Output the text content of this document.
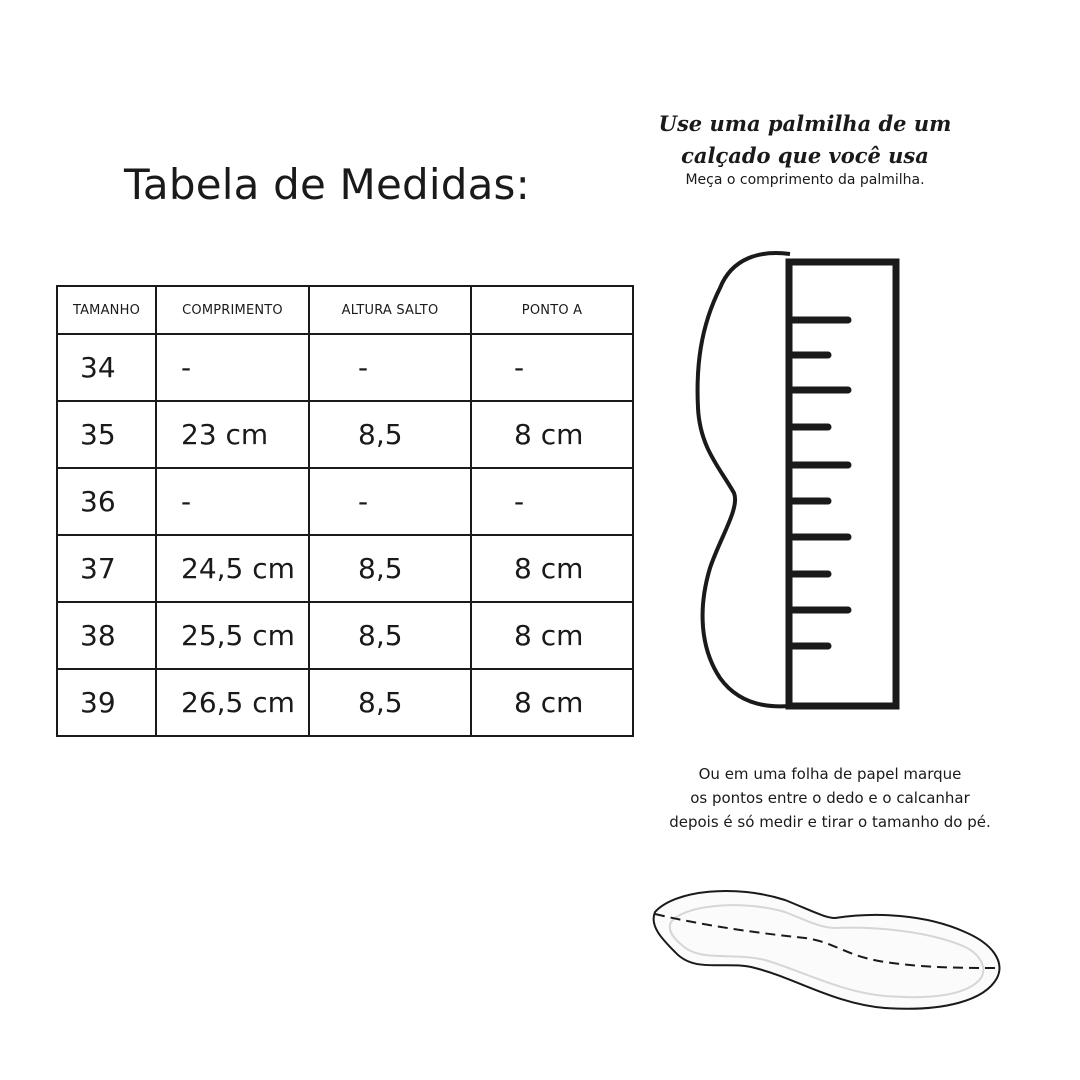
Tabela de Medidas:
TAMANHO	COMPRIMENTO	ALTURA SALTO	PONTO A
34	-	-	-
35	23 cm	8,5	8 cm
36	-	-	-
37	24,5 cm	8,5	8 cm
38	25,5 cm	8,5	8 cm
39	26,5 cm	8,5	8 cm
Use uma palmilha de um
calçado que você usa
Meça o comprimento da palmilha.
Ou em uma folha de papel marque
os pontos entre o dedo e o calcanhar
depois é só medir e tirar o tamanho do pé.
